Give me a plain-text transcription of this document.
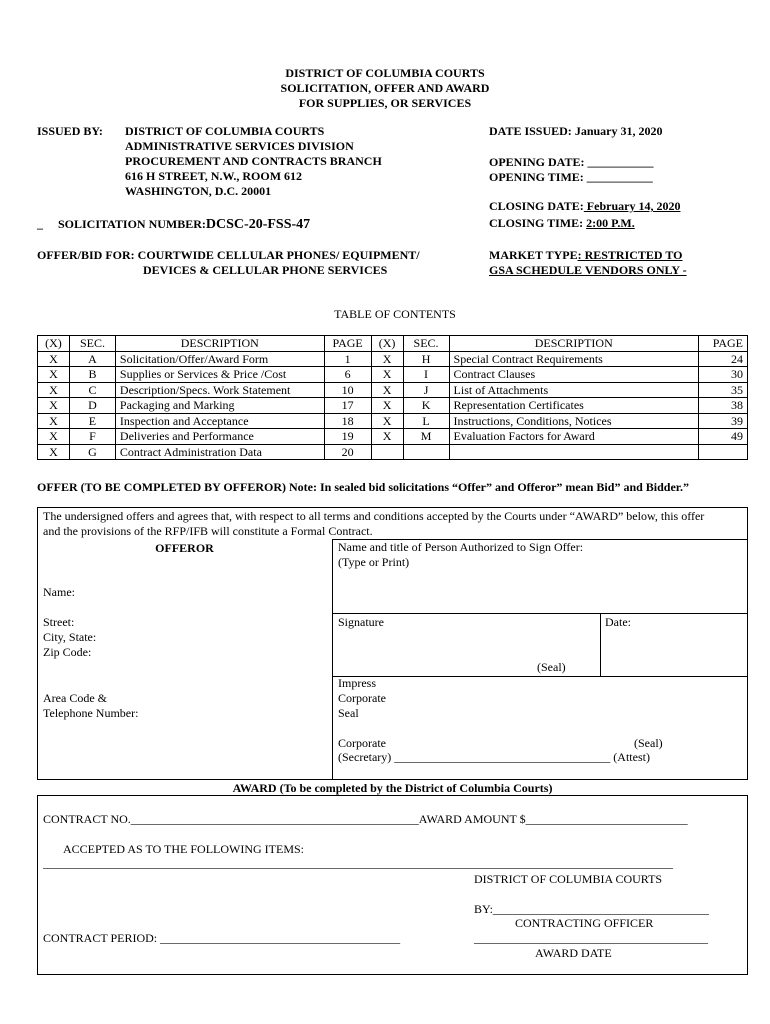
DISTRICT OF COLUMBIA COURTS
SOLICITATION, OFFER AND AWARD
FOR SUPPLIES, OR SERVICES
ISSUED BY: DISTRICT OF COLUMBIA COURTS
ADMINISTRATIVE SERVICES DIVISION
PROCUREMENT AND CONTRACTS BRANCH
616 H STREET, N.W., ROOM 612
WASHINGTON, D.C. 20001
DATE ISSUED: January 31, 2020
OPENING DATE: ___________
OPENING TIME: ___________
CLOSING DATE: February 14, 2020
CLOSING TIME: 2:00 P.M.
_ SOLICITATION NUMBER:DCSC-20-FSS-47
OFFER/BID FOR: COURTWIDE CELLULAR PHONES/ EQUIPMENT/
DEVICES & CELLULAR PHONE SERVICES
MARKET TYPE: RESTRICTED TO
GSA SCHEDULE VENDORS ONLY -
TABLE OF CONTENTS
(X)	SEC.	DESCRIPTION	PAGE	(X)	SEC.	DESCRIPTION	PAGE
X	A	Solicitation/Offer/Award Form	1	X	H	Special Contract Requirements	24
X	B	Supplies or Services & Price /Cost	6	X	I	Contract Clauses	30
X	C	Description/Specs. Work Statement	10	X	J	List of Attachments	35
X	D	Packaging and Marking	17	X	K	Representation Certificates	38
X	E	Inspection and Acceptance	18	X	L	Instructions, Conditions, Notices	39
X	F	Deliveries and Performance	19	X	M	Evaluation Factors for Award	49
X	G	Contract Administration Data	20				
OFFER (TO BE COMPLETED BY OFFEROR) Note: In sealed bid solicitations “Offer” and Offeror” mean Bid” and Bidder.”
The undersigned offers and agrees that, with respect to all terms and conditions accepted by the Courts under “AWARD” below, this offer
and the provisions of the RFP/IFB will constitute a Formal Contract.
OFFEROR
Name:
Street:
City, State:
Zip Code:
Area Code &
Telephone Number:
Name and title of Person Authorized to Sign Offer:
(Type or Print)
Signature	Date:
(Seal)
Impress
Corporate
Seal
Corporate	(Seal)
(Secretary) ____________________________________ (Attest)
AWARD (To be completed by the District of Columbia Courts)
CONTRACT NO.________________________________________________AWARD AMOUNT $___________________________
ACCEPTED AS TO THE FOLLOWING ITEMS:
_________________________________________________________________________________________________________
DISTRICT OF COLUMBIA COURTS
BY:____________________________________
CONTRACTING OFFICER
CONTRACT PERIOD: ________________________________________	_______________________________________
AWARD DATE
